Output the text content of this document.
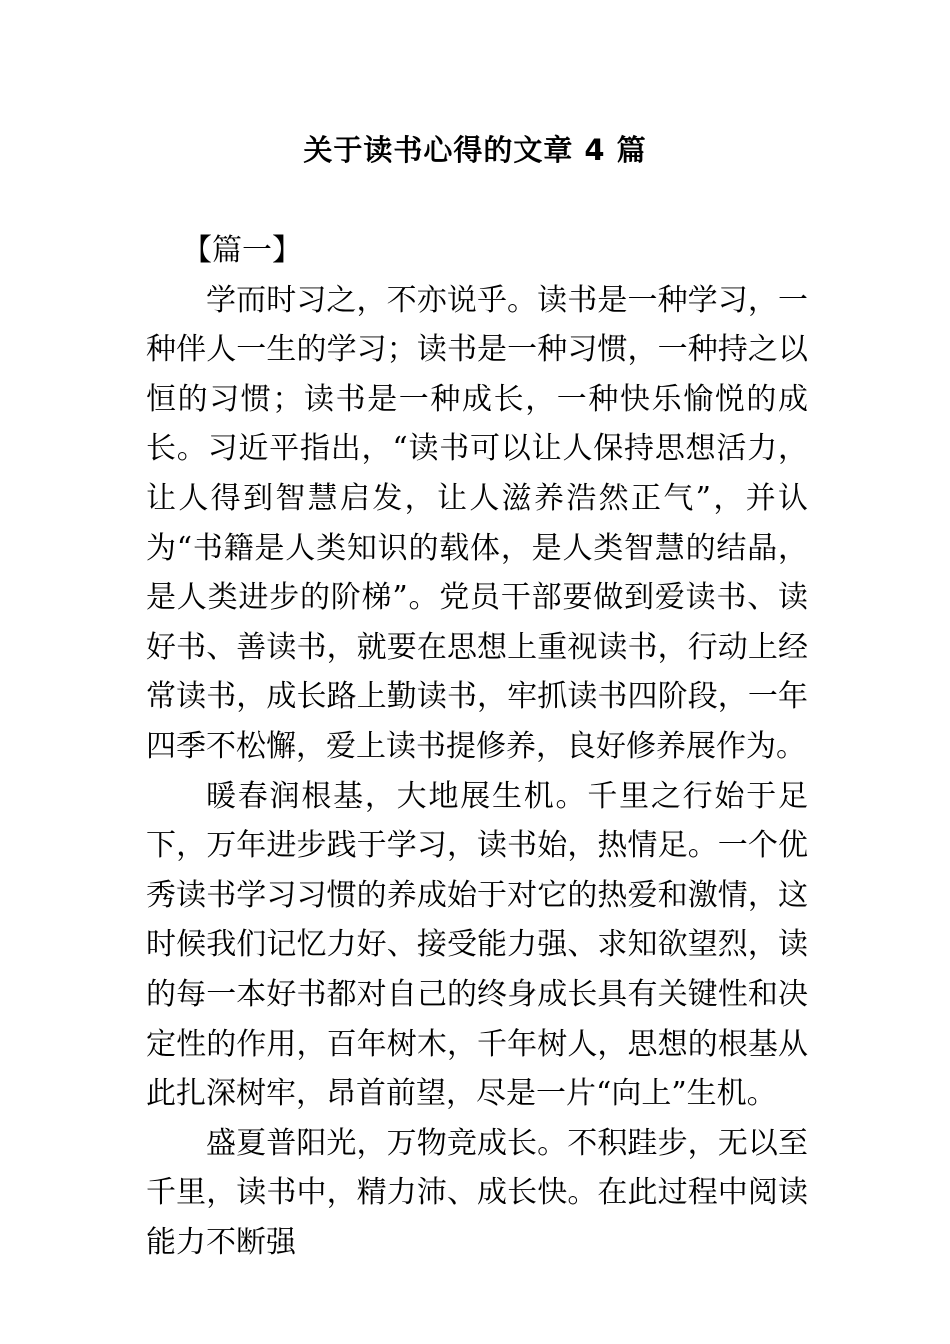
关于读书心得的文章 4 篇

【篇一】

学而时习之，不亦说乎。读书是一种学习，一种伴人一生的学习；读书是一种习惯，一种持之以恒的习惯；读书是一种成长，一种快乐愉悦的成长。习近平指出，“读书可以让人保持思想活力，让人得到智慧启发，让人滋养浩然正气”，并认为“书籍是人类知识的载体，是人类智慧的结晶，是人类进步的阶梯”。党员干部要做到爱读书、读好书、善读书，就要在思想上重视读书，行动上经常读书，成长路上勤读书，牢抓读书四阶段，一年四季不松懈，爱上读书提修养，良好修养展作为。

暖春润根基，大地展生机。千里之行始于足下，万年进步践于学习，读书始，热情足。一个优秀读书学习习惯的养成始于对它的热爱和激情，这时候我们记忆力好、接受能力强、求知欲望烈，读的每一本好书都对自己的终身成长具有关键性和决定性的作用，百年树木，千年树人，思想的根基从此扎深树牢，昂首前望，尽是一片“向上”生机。

盛夏普阳光，万物竞成长。不积跬步，无以至千里，读书中，精力沛、成长快。在此过程中阅读能力不断强
